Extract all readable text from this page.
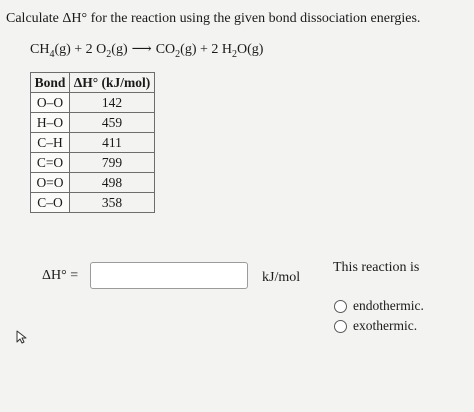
Calculate ΔH° for the reaction using the given bond dissociation energies.
$CH_4(g) + 2$ $O_2(g)$ ⟶ $CO_2(g) + 2$ $H_2O(g)$
Bond	ΔH° (kJ/mol)
O–O	142
H–O	459
C–H	411
C=O	799
O=O	498
C–O	358
ΔH° =	kJ/mol
This reaction is
endothermic.
exothermic.
